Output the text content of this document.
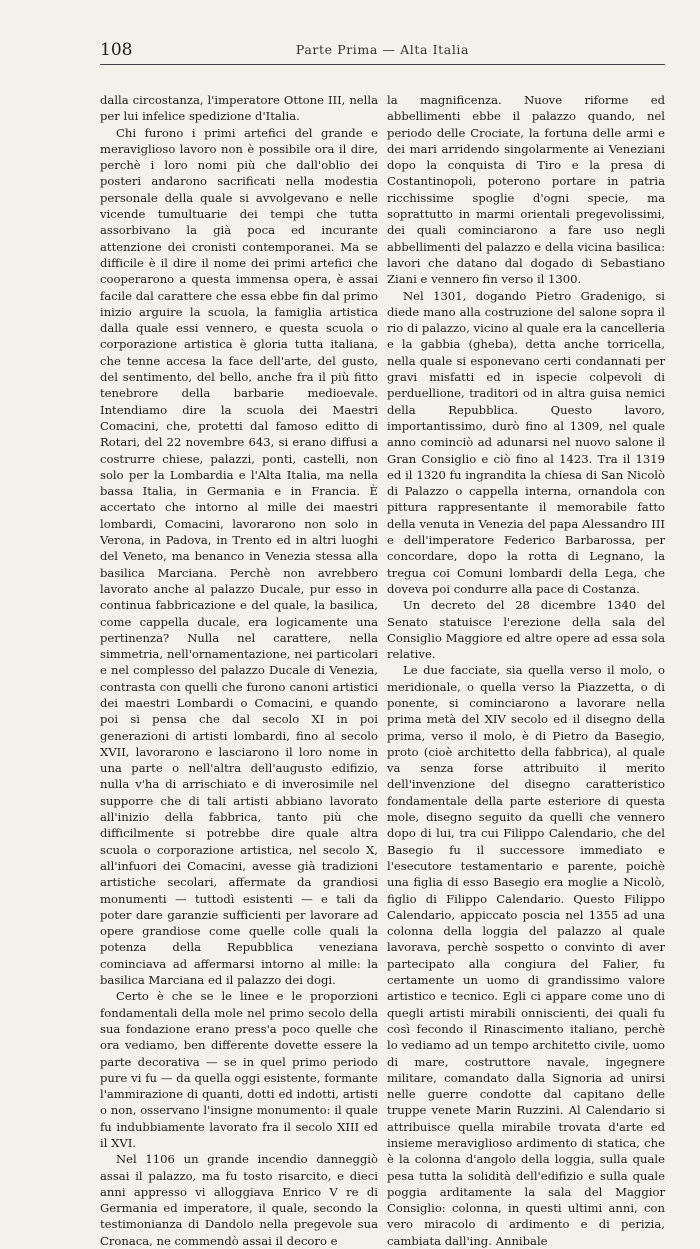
108	Parte Prima — Alta Italia

dalla circostanza, l'imperatore Ottone III, nella per lui infelice spedizione d'Italia.

Chi furono i primi artefici del grande e meraviglioso lavoro non è possibile ora il dire, perchè i loro nomi più che dall'oblio dei posteri andarono sacrificati nella modestia personale della quale si avvolgevano e nelle vicende tumultuarie dei tempi che tutta assorbivano la già poca ed incurante attenzione dei cronisti contemporanei. Ma se difficile è il dire il nome dei primi artefici che cooperarono a questa immensa opera, è assai facile dal carattere che essa ebbe fin dal primo inizio arguire la scuola, la famiglia artistica dalla quale essi vennero, e questa scuola o corporazione artistica è gloria tutta italiana, che tenne accesa la face dell'arte, del gusto, del sentimento, del bello, anche fra il più fitto tenebrore della barbarie medioevale. Intendiamo dire la scuola dei Maestri Comacini, che, protetti dal famoso editto di Rotari, del 22 novembre 643, si erano diffusi a costrurre chiese, palazzi, ponti, castelli, non solo per la Lombardia e l'Alta Italia, ma nella bassa Italia, in Germania e in Francia. È accertato che intorno al mille dei maestri lombardi, Comacini, lavorarono non solo in Verona, in Padova, in Trento ed in altri luoghi del Veneto, ma benanco in Venezia stessa alla basilica Marciana. Perchè non avrebbero lavorato anche al palazzo Ducale, pur esso in continua fabbricazione e del quale, la basilica, come cappella ducale, era logicamente una pertinenza? Nulla nel carattere, nella simmetria, nell'ornamentazione, nei particolari e nel complesso del palazzo Ducale di Venezia, contrasta con quelli che furono canoni artistici dei maestri Lombardi o Comacini, e quando poi si pensa che dal secolo XI in poi generazioni di artisti lombardi, fino al secolo XVII, lavorarono e lasciarono il loro nome in una parte o nell'altra dell'augusto edifizio, nulla v'ha di arrischiato e di inverosimile nel supporre che di tali artisti abbiano lavorato all'inizio della fabbrica, tanto più che difficilmente si potrebbe dire quale altra scuola o corporazione artistica, nel secolo X, all'infuori dei Comacini, avesse già tradizioni artistiche secolari, affermate da grandiosi monumenti — tuttodì esistenti — e tali da poter dare garanzie sufficienti per lavorare ad opere grandiose come quelle colle quali la potenza della Repubblica veneziana cominciava ad affermarsi intorno al mille: la basilica Marciana ed il palazzo dei dogi.

Certo è che se le linee e le proporzioni fondamentali della mole nel primo secolo della sua fondazione erano press'a poco quelle che ora vediamo, ben differente dovette essere la parte decorativa — se in quel primo periodo pure vi fu — da quella oggi esistente, formante l'ammirazione di quanti, dotti ed indotti, artisti o non, osservano l'insigne monumento: il quale fu indubbiamente lavorato fra il secolo XIII ed il XVI.

Nel 1106 un grande incendio danneggiò assai il palazzo, ma fu tosto risarcito, e dieci anni appresso vi alloggiava Enrico V re di Germania ed imperatore, il quale, secondo la testimonianza di Dandolo nella pregevole sua Cronaca, ne commendò assai il decoro e

la magnificenza. Nuove riforme ed abbellimenti ebbe il palazzo quando, nel periodo delle Crociate, la fortuna delle armi e dei mari arridendo singolarmente ai Veneziani dopo la conquista di Tiro e la presa di Costantinopoli, poterono portare in patria ricchissime spoglie d'ogni specie, ma soprattutto in marmi orientali pregevolissimi, dei quali cominciarono a fare uso negli abbellimenti del palazzo e della vicina basilica: lavori che datano dal dogado di Sebastiano Ziani e vennero fin verso il 1300.

Nel 1301, dogando Pietro Gradenigo, si diede mano alla costruzione del salone sopra il rio di palazzo, vicino al quale era la cancelleria e la gabbia (gheba), detta anche torricella, nella quale si esponevano certi condannati per gravi misfatti ed in ispecie colpevoli di perduellione, traditori od in altra guisa nemici della Repubblica. Questo lavoro, importantissimo, durò fino al 1309, nel quale anno cominciò ad adunarsi nel nuovo salone il Gran Consiglio e ciò fino al 1423. Tra il 1319 ed il 1320 fu ingrandita la chiesa di San Nicolò di Palazzo o cappella interna, ornandola con pittura rappresentante il memorabile fatto della venuta in Venezia del papa Alessandro III e dell'imperatore Federico Barbarossa, per concordare, dopo la rotta di Legnano, la tregua coi Comuni lombardi della Lega, che doveva poi condurre alla pace di Costanza.

Un decreto del 28 dicembre 1340 del Senato statuisce l'erezione della sala del Consiglio Maggiore ed altre opere ad essa sola relative.

Le due facciate, sia quella verso il molo, o meridionale, o quella verso la Piazzetta, o di ponente, si cominciarono a lavorare nella prima metà del XIV secolo ed il disegno della prima, verso il molo, è di Pietro da Basegio, proto (cioè architetto della fabbrica), al quale va senza forse attribuito il merito dell'invenzione del disegno caratteristico fondamentale della parte esteriore di questa mole, disegno seguito da quelli che vennero dopo di lui, tra cui Filippo Calendario, che del Basegio fu il successore immediato e l'esecutore testamentario e parente, poichè una figlia di esso Basegio era moglie a Nicolò, figlio di Filippo Calendario. Questo Filippo Calendario, appiccato poscia nel 1355 ad una colonna della loggia del palazzo al quale lavorava, perchè sospetto o convinto di aver partecipato alla congiura del Falier, fu certamente un uomo di grandissimo valore artistico e tecnico. Egli ci appare come uno di quegli artisti mirabili onniscienti, dei quali fu così fecondo il Rinascimento italiano, perchè lo vediamo ad un tempo architetto civile, uomo di mare, costruttore navale, ingegnere militare, comandato dalla Signoria ad unirsi nelle guerre condotte dal capitano delle truppe venete Marin Ruzzini. Al Calendario si attribuisce quella mirabile trovata d'arte ed insieme meraviglioso ardimento di statica, che è la colonna d'angolo della loggia, sulla quale pesa tutta la solidità dell'edifizio e sulla quale poggia arditamente la sala del Maggior Consiglio: colonna, in questi ultimi anni, con vero miracolo di ardimento e di perizia, cambiata dall'ing. Annibale
